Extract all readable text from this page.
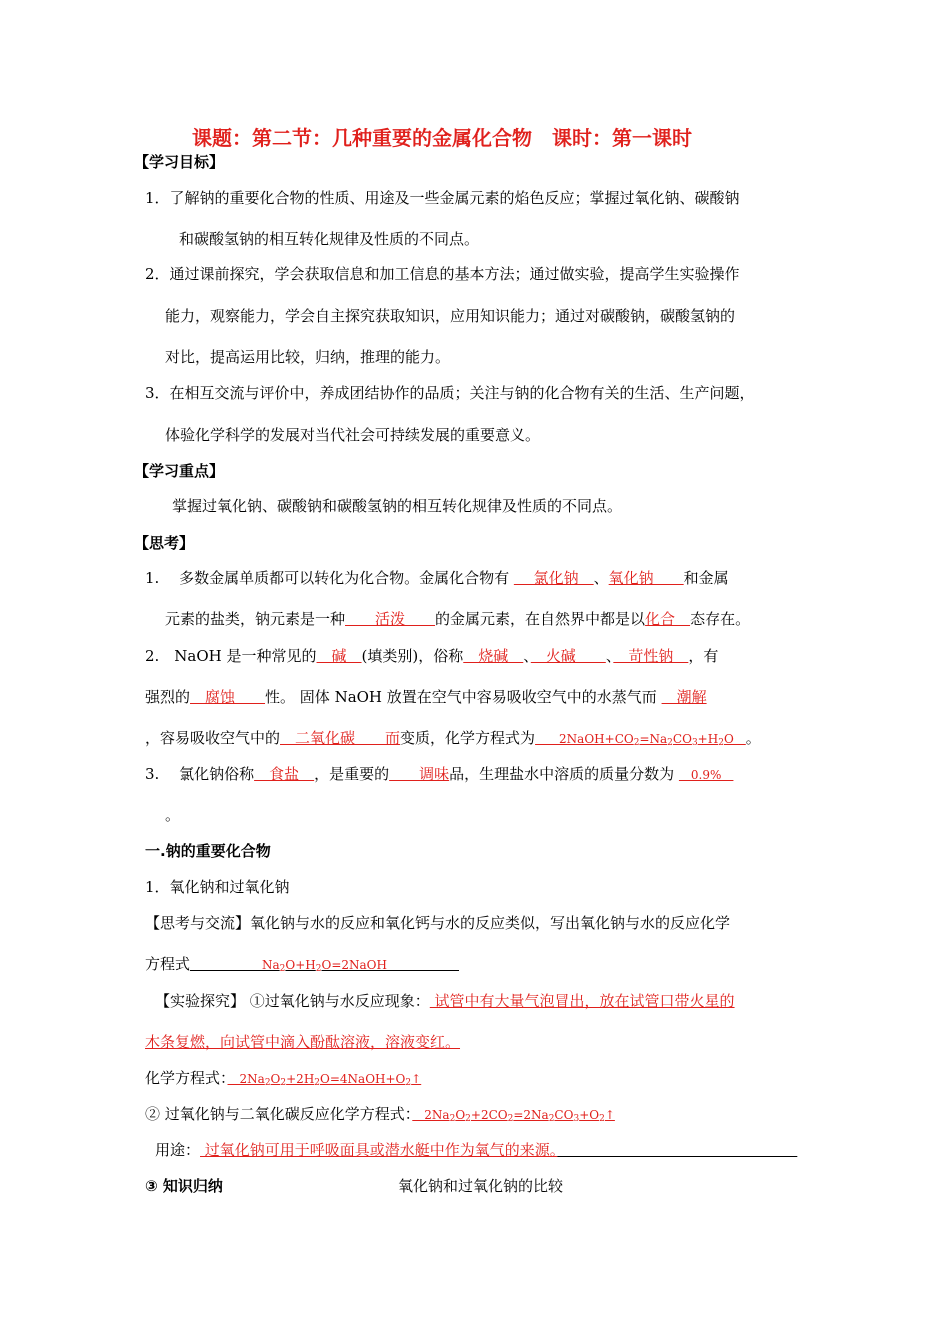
课题：第二节：几种重要的金属化合物　课时：第一课时
【学习目标】
1．了解钠的重要化合物的性质、用途及一些金属元素的焰色反应；掌握过氧化钠、碳酸钠
和碳酸氢钠的相互转化规律及性质的不同点。
2．通过课前探究，学会获取信息和加工信息的基本方法；通过做实验，提高学生实验操作
能力，观察能力，学会自主探究获取知识，应用知识能力；通过对碳酸钠，碳酸氢钠的
对比，提高运用比较，归纳，推理的能力。
3．在相互交流与评价中，养成团结协作的品质；关注与钠的化合物有关的生活、生产问题，
体验化学科学的发展对当代社会可持续发展的重要意义。
【学习重点】
掌握过氧化钠、碳酸钠和碳酸氢钠的相互转化规律及性质的不同点。
【思考】
1.　 多数金属单质都可以转化为化合物。金属化合物有 　 氯化钠　、氧化钠　　和金属
元素的盐类，钠元素是一种　　活泼　　的金属元素，在自然界中都是以化合　态存在。
2.　NaOH 是一种常见的　碱　(填类别)，俗称　烧碱　、　火碱　　、　苛性钠　，有
强烈的　腐蚀　　性。 固体 NaOH 放置在空气中容易吸收空气中的水蒸气而 　潮解
，容易吸收空气中的　二氧化碳　　而变质，化学方程式为　　$2NaOH+CO_2=Na_2CO_3+H_2O$　。
3.　 氯化钠俗称　食盐　，是重要的　　调味品，生理盐水中溶质的质量分数为 　0.9%　
。
一.钠的重要化合物
1．氧化钠和过氧化钠
【思考与交流】氧化钠与水的反应和氧化钙与水的反应类似，写出氧化钠与水的反应化学
方程式　　　　　　$Na_2O+H_2O=2NaOH$　　　　　　
【实验探究】 ①过氧化钠与水反应现象： 试管中有大量气泡冒出，放在试管口带火星的
木条复燃，向试管中滴入酚酞溶液，溶液变红。
化学方程式：　$2Na_2O_2+2H_2O=4NaOH+O_2↑$
② 过氧化钠与二氧化碳反应化学方程式：　$2Na_2O_2+2CO_2=2Na_2CO_3+O_2↑$
用途： 过氧化钠可用于呼吸面具或潜水艇中作为氧气的来源。　　　　　　　　　　　　　　　　
③ 知识归纳	氧化钠和过氧化钠的比较
